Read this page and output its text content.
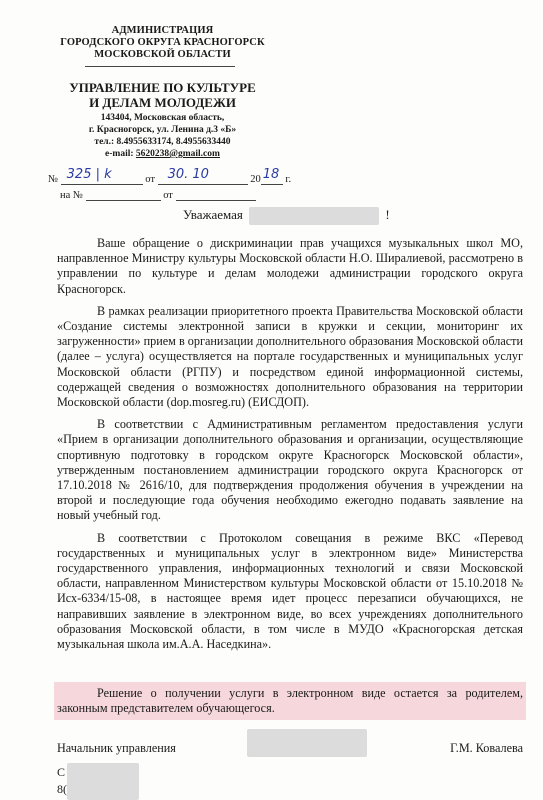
АДМИНИСТРАЦИЯ
ГОРОДСКОГО ОКРУГА КРАСНОГОРСК
МОСКОВСКОЙ ОБЛАСТИ
УПРАВЛЕНИЕ ПО КУЛЬТУРЕ
И ДЕЛАМ МОЛОДЕЖИ
143404, Московская область,
г. Красногорск, ул. Ленина д.3 «Б»
тел.: 8.4955633174, 8.4955633440
e-mail: 5620238@gmail.com
№ 325 | k	от 30. 10	20 18 г.
на №	от
Уважаемая	!

Ваше обращение о дискриминации прав учащихся музыкальных школ МО, направленное Министру культуры Московской области Н.О. Ширалиевой, рассмотрено в управлении по культуре и делам молодежи администрации городского округа Красногорск.

В рамках реализации приоритетного проекта Правительства Московской области «Создание системы электронной записи в кружки и секции, мониторинг их загруженности» прием в организации дополнительного образования Московской области (далее – услуга) осуществляется на портале государственных и муниципальных услуг Московской области (РГПУ) и посредством единой информационной системы, содержащей сведения о возможностях дополнительного образования на территории Московской области (dop.mosreg.ru) (ЕИСДОП).

В соответствии с Административным регламентом предоставления услуги «Прием в организации дополнительного образования и организации, осуществляющие спортивную подготовку в городском округе Красногорск Московской области», утвержденным постановлением администрации городского округа Красногорск от 17.10.2018 № 2616/10, для подтверждения продолжения обучения в учреждении на второй и последующие года обучения необходимо ежегодно подавать заявление на новый учебный год.

В соответствии с Протоколом совещания в режиме ВКС «Перевод государственных и муниципальных услуг в электронном виде» Министерства государственного управления, информационных технологий и связи Московской области, направленном Министерством культуры Московской области от 15.10.2018 № Исх-6334/15-08, в настоящее время идет процесс перезаписи обучающихся, не направивших заявление в электронном виде, во всех учреждениях дополнительного образования Московской области, в том числе в МУДО «Красногорская детская музыкальная школа им.А.А. Наседкина».

Решение о получении услуги в электронном виде остается за родителем, законным представителем обучающегося.
Начальник управления	Г.М. Ковалева
С
8(
